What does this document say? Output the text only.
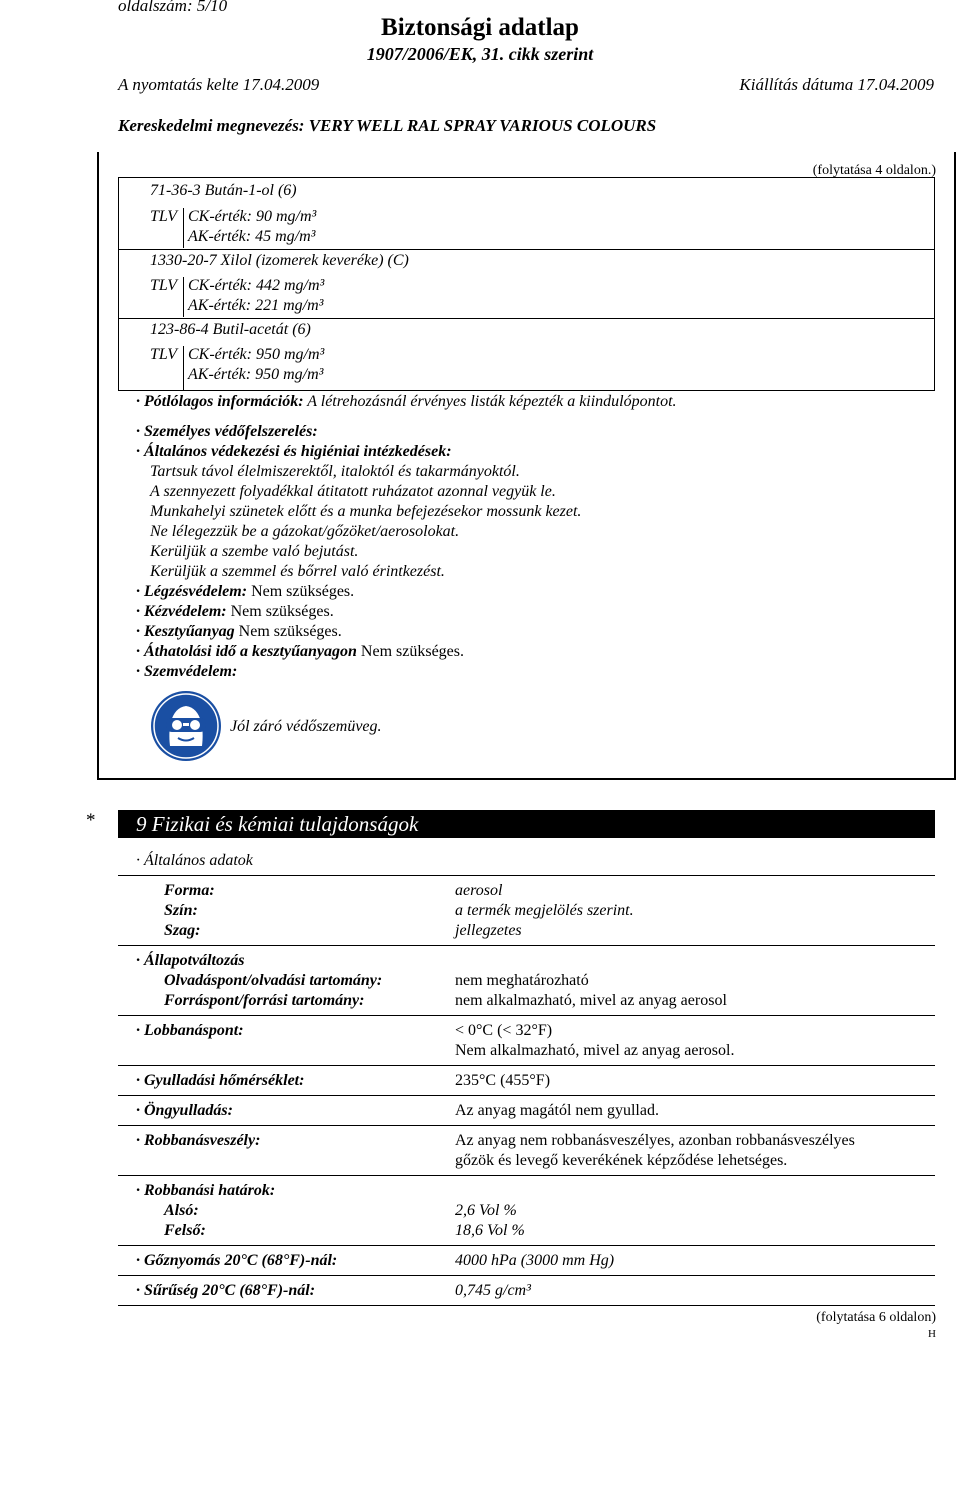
oldalszám: 5/10
Biztonsági adatlap
1907/2006/EK, 31. cikk szerint
A nyomtatás kelte 17.04.2009	Kiállítás dátuma 17.04.2009
Kereskedelmi megnevezés: VERY WELL RAL SPRAY VARIOUS COLOURS
(folytatása 4 oldalon.)
71-36-3 Bután-1-ol (6)
TLV CK-érték: 90 mg/m³
AK-érték: 45 mg/m³
1330-20-7 Xilol (izomerek keveréke) (C)
TLV CK-érték: 442 mg/m³
AK-érték: 221 mg/m³
123-86-4 Butil-acetát (6)
TLV CK-érték: 950 mg/m³
AK-érték: 950 mg/m³
· Pótlólagos információk: A létrehozásnál érvényes listák képezték a kiindulópontot.
· Személyes védőfelszerelés:
· Általános védekezési és higiéniai intézkedések:
Tartsuk távol élelmiszerektől, italoktól és takarmányoktól.
A szennyezett folyadékkal átitatott ruházatot azonnal vegyük le.
Munkahelyi szünetek előtt és a munka befejezésekor mossunk kezet.
Ne lélegezzük be a gázokat/gőzöket/aerosolokat.
Kerüljük a szembe való bejutást.
Kerüljük a szemmel és bőrrel való érintkezést.
· Légzésvédelem: Nem szükséges.
· Kézvédelem: Nem szükséges.
· Kesztyűanyag Nem szükséges.
· Áthatolási idő a kesztyűanyagon Nem szükséges.
· Szemvédelem:
Jól záró védőszemüveg.
* 9 Fizikai és kémiai tulajdonságok
· Általános adatok
Forma:	aerosol
Szín:	a termék megjelölés szerint.
Szag:	jellegzetes
· Állapotváltozás
Olvadáspont/olvadási tartomány:	nem meghatározható
Forráspont/forrási tartomány:	nem alkalmazható, mivel az anyag aerosol
· Lobbanáspont:	< 0°C (< 32°F)
Nem alkalmazható, mivel az anyag aerosol.
· Gyulladási hőmérséklet:	235°C (455°F)
· Öngyulladás:	Az anyag magától nem gyullad.
· Robbanásveszély:	Az anyag nem robbanásveszélyes, azonban robbanásveszélyes
gőzök és levegő keverékének képződése lehetséges.
· Robbanási határok:
Alsó:	2,6 Vol %
Felső:	18,6 Vol %
· Gőznyomás 20°C (68°F)-nál:	4000 hPa (3000 mm Hg)
· Sűrűség 20°C (68°F)-nál:	0,745 g/cm³
(folytatása 6 oldalon)
H
